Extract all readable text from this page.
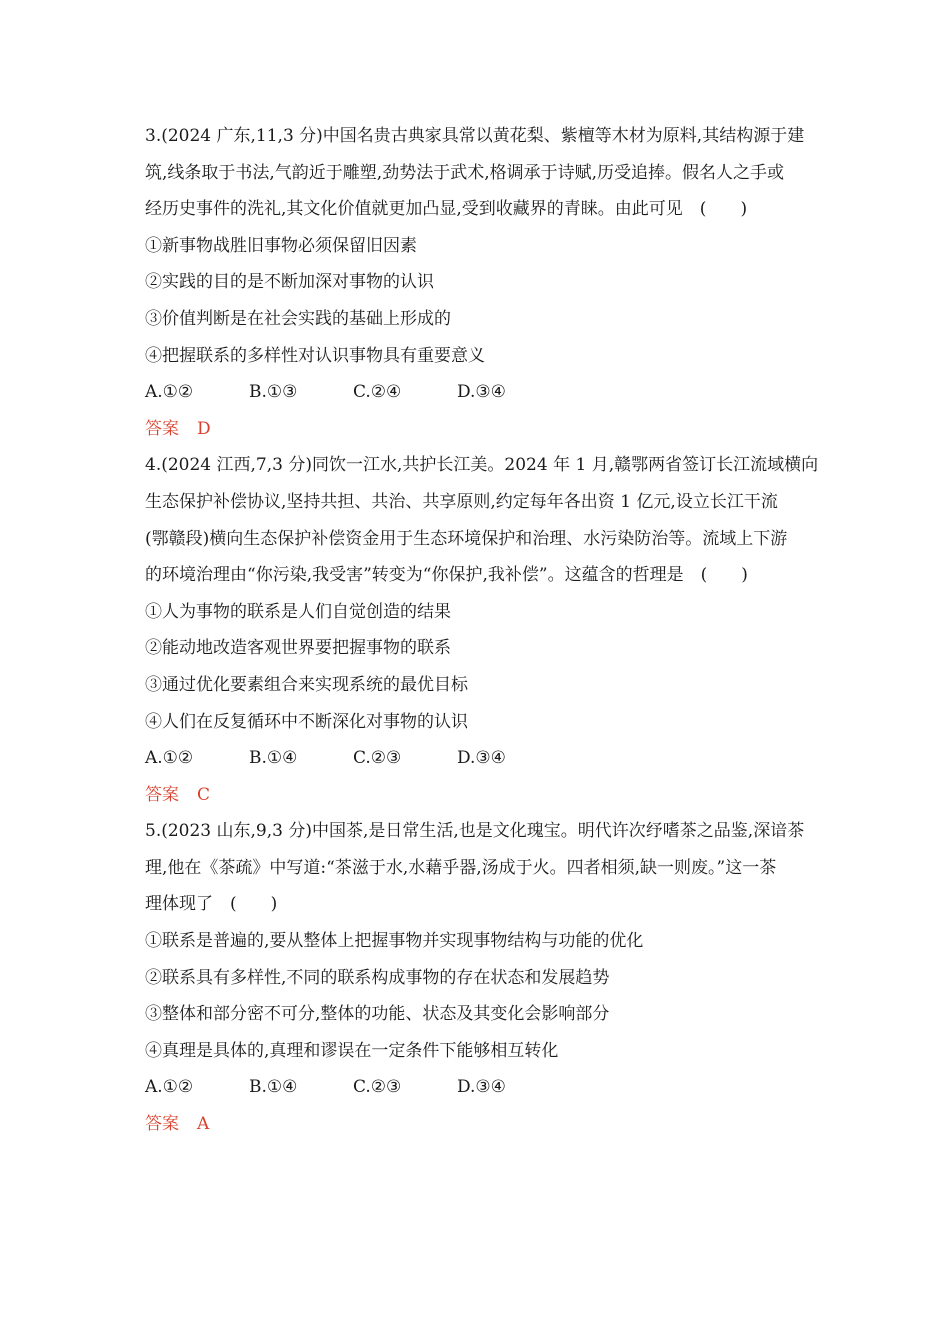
3.(2024 广东,11,3 分)中国名贵古典家具常以黄花梨、紫檀等木材为原料,其结构源于建
筑,线条取于书法,气韵近于雕塑,劲势法于武术,格调承于诗赋,历受追捧。假名人之手或
经历史事件的洗礼,其文化价值就更加凸显,受到收藏界的青睐。由此可见　(　　)
①新事物战胜旧事物必须保留旧因素
②实践的目的是不断加深对事物的认识
③价值判断是在社会实践的基础上形成的
④把握联系的多样性对认识事物具有重要意义
A.①②	B.①③	C.②④	D.③④
答案 D
4.(2024 江西,7,3 分)同饮一江水,共护长江美。2024 年 1 月,赣鄂两省签订长江流域横向
生态保护补偿协议,坚持共担、共治、共享原则,约定每年各出资 1 亿元,设立长江干流
(鄂赣段)横向生态保护补偿资金用于生态环境保护和治理、水污染防治等。流域上下游
的环境治理由“你污染,我受害”转变为“你保护,我补偿”。这蕴含的哲理是　(　　)
①人为事物的联系是人们自觉创造的结果
②能动地改造客观世界要把握事物的联系
③通过优化要素组合来实现系统的最优目标
④人们在反复循环中不断深化对事物的认识
A.①②	B.①④	C.②③	D.③④
答案 C
5.(2023 山东,9,3 分)中国茶,是日常生活,也是文化瑰宝。明代许次纾嗜茶之品鉴,深谙茶
理,他在《茶疏》中写道:“茶滋于水,水藉乎器,汤成于火。四者相须,缺一则废。”这一茶
理体现了　(　　)
①联系是普遍的,要从整体上把握事物并实现事物结构与功能的优化
②联系具有多样性,不同的联系构成事物的存在状态和发展趋势
③整体和部分密不可分,整体的功能、状态及其变化会影响部分
④真理是具体的,真理和谬误在一定条件下能够相互转化
A.①②	B.①④	C.②③	D.③④
答案 A
